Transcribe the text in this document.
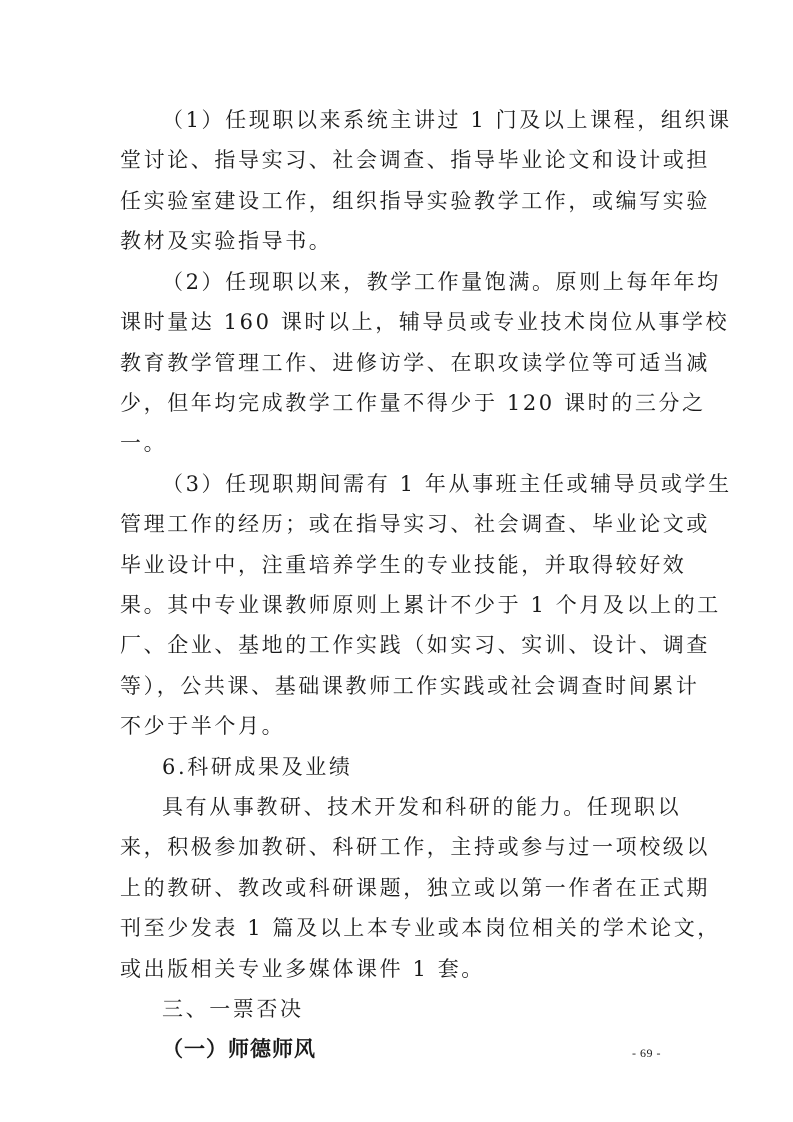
（1）任现职以来系统主讲过 1 门及以上课程，组织课
堂讨论、指导实习、社会调查、指导毕业论文和设计或担
任实验室建设工作，组织指导实验教学工作，或编写实验
教材及实验指导书。
（2）任现职以来，教学工作量饱满。原则上每年年均
课时量达 160 课时以上，辅导员或专业技术岗位从事学校
教育教学管理工作、进修访学、在职攻读学位等可适当减
少，但年均完成教学工作量不得少于 120 课时的三分之
一。
（3）任现职期间需有 1 年从事班主任或辅导员或学生
管理工作的经历；或在指导实习、社会调查、毕业论文或
毕业设计中，注重培养学生的专业技能，并取得较好效
果。其中专业课教师原则上累计不少于 1 个月及以上的工
厂、企业、基地的工作实践（如实习、实训、设计、调查
等），公共课、基础课教师工作实践或社会调查时间累计
不少于半个月。
6.科研成果及业绩
具有从事教研、技术开发和科研的能力。任现职以
来，积极参加教研、科研工作，主持或参与过一项校级以
上的教研、教改或科研课题，独立或以第一作者在正式期
刊至少发表 1 篇及以上本专业或本岗位相关的学术论文，
或出版相关专业多媒体课件 1 套。
三、一票否决
（一）师德师风	- 69 -
